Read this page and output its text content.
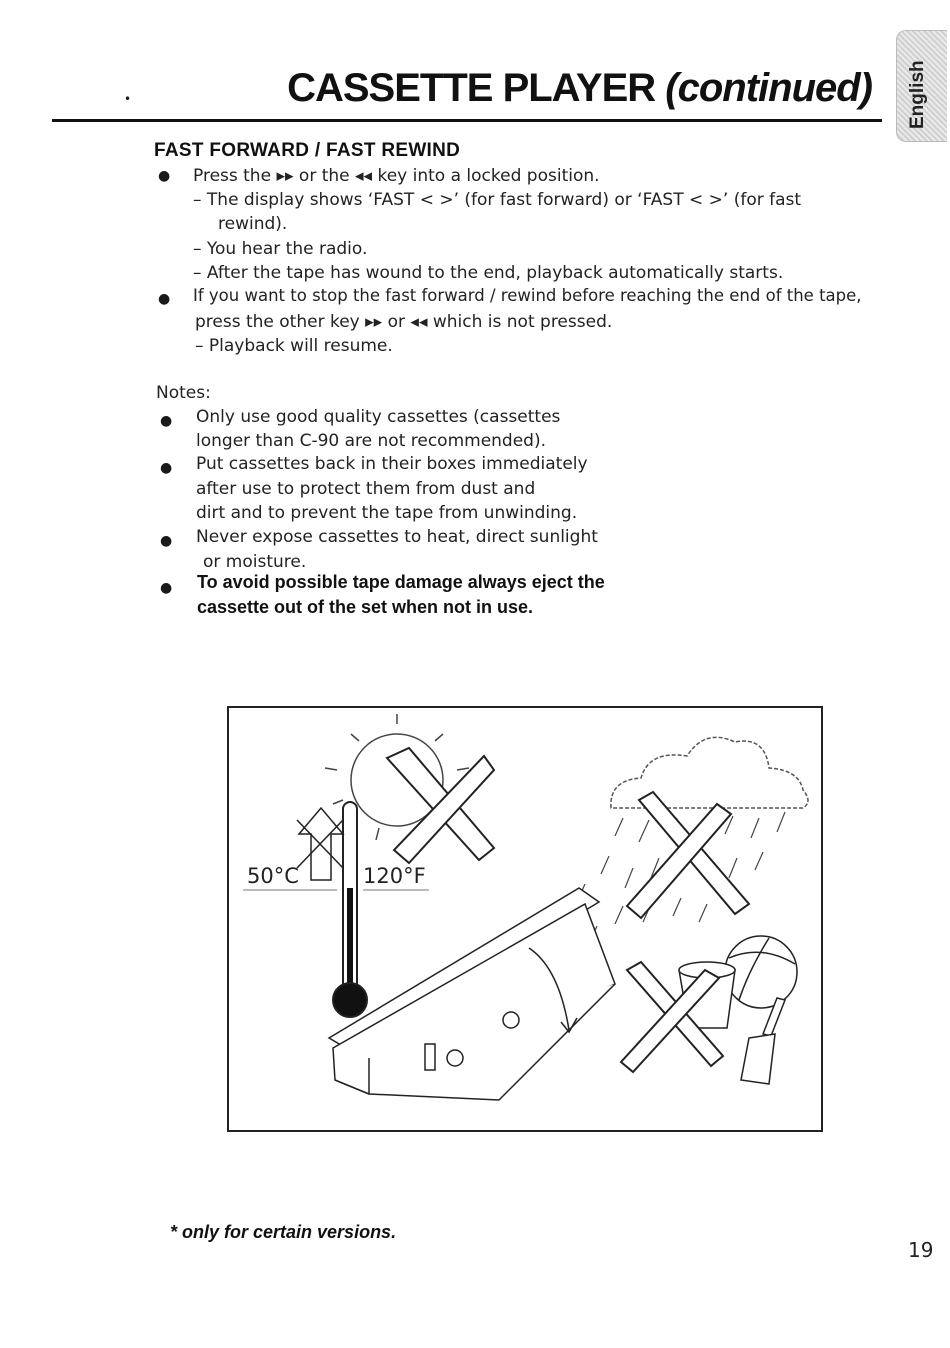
•	CASSETTE PLAYER (continued) English
FAST FORWARD / FAST REWIND
● Press the ▸▸ or the ◂◂ key into a locked position.
– The display shows ‘FAST < >’ (for fast forward) or ‘FAST < >’ (for fast
rewind).
– You hear the radio.
– After the tape has wound to the end, playback automatically starts.
● If you want to stop the fast forward / rewind before reaching the end of the tape,
press the other key ▸▸ or ◂◂ which is not pressed.
– Playback will resume.
Notes:
● Only use good quality cassettes (cassettes
longer than C-90 are not recommended).
● Put cassettes back in their boxes immediately
after use to protect them from dust and
dirt and to prevent the tape from unwinding.
● Never expose cassettes to heat, direct sunlight
or moisture.
● To avoid possible tape damage always eject the
cassette out of the set when not in use.
50°C	120°F
* only for certain versions.
19
